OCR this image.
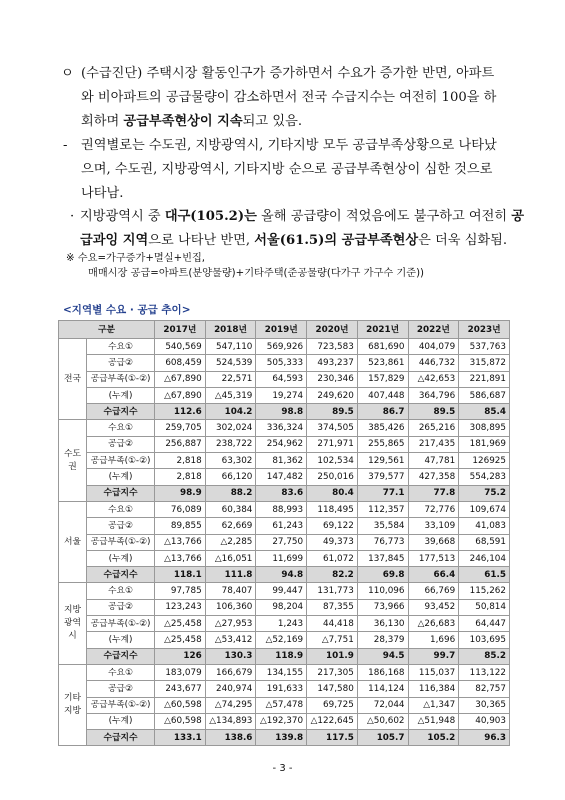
ㅇ (수급진단) 주택시장 활동인구가 증가하면서 수요가 증가한 반면, 아파트
와 비아파트의 공급물량이 감소하면서 전국 수급지수는 여전히 100을 하
회하며 공급부족현상이 지속되고 있음.
-	권역별로는 수도권, 지방광역시, 기타지방 모두 공급부족상황으로 나타났
으며, 수도권, 지방광역시, 기타지방 순으로 공급부족현상이 심한 것으로
나타남.
· 지방광역시 중 대구(105.2)는 올해 공급량이 적었음에도 불구하고 여전히 공
급과잉 지역으로 나타난 반면, 서울(61.5)의 공급부족현상은 더욱 심화됨.
※ 수요=가구증가+멸실+빈집,
매매시장 공급=아파트(분양물량)+기타주택(준공물량(다가구 가구수 기준))
<지역별 수요 · 공급 추이>
구분		2017년	2018년	2019년	2020년	2021년	2022년	2023년
전국	수요①	540,569	547,110	569,926	723,583	681,690	404,079	537,763
	공급②	608,459	524,539	505,333	493,237	523,861	446,732	315,872
	공급부족(①-②)	△67,890	22,571	64,593	230,346	157,829	△42,653	221,891
	(누계)	△67,890	△45,319	19,274	249,620	407,448	364,796	586,687
	수급지수	112.6	104.2	98.8	89.5	86.7	89.5	85.4
수도권	수요①	259,705	302,024	336,324	374,505	385,426	265,216	308,895
	공급②	256,887	238,722	254,962	271,971	255,865	217,435	181,969
	공급부족(①-②)	2,818	63,302	81,362	102,534	129,561	47,781	126925
	(누계)	2,818	66,120	147,482	250,016	379,577	427,358	554,283
	수급지수	98.9	88.2	83.6	80.4	77.1	77.8	75.2
서울	수요①	76,089	60,384	88,993	118,495	112,357	72,776	109,674
	공급②	89,855	62,669	61,243	69,122	35,584	33,109	41,083
	공급부족(①-②)	△13,766	△2,285	27,750	49,373	76,773	39,668	68,591
	(누계)	△13,766	△16,051	11,699	61,072	137,845	177,513	246,104
	수급지수	118.1	111.8	94.8	82.2	69.8	66.4	61.5
지방 광역시	수요①	97,785	78,407	99,447	131,773	110,096	66,769	115,262
	공급②	123,243	106,360	98,204	87,355	73,966	93,452	50,814
	공급부족(①-②)	△25,458	△27,953	1,243	44,418	36,130	△26,683	64,447
	(누계)	△25,458	△53,412	△52,169	△7,751	28,379	1,696	103,695
	수급지수	126	130.3	118.9	101.9	94.5	99.7	85.2
기타 지방	수요①	183,079	166,679	134,155	217,305	186,168	115,037	113,122
	공급②	243,677	240,974	191,633	147,580	114,124	116,384	82,757
	공급부족(①-②)	△60,598	△74,295	△57,478	69,725	72,044	△1,347	30,365
	(누계)	△60,598	△134,893	△192,370	△122,645	△50,602	△51,948	40,903
	수급지수	133.1	138.6	139.8	117.5	105.7	105.2	96.3
- 3 -
